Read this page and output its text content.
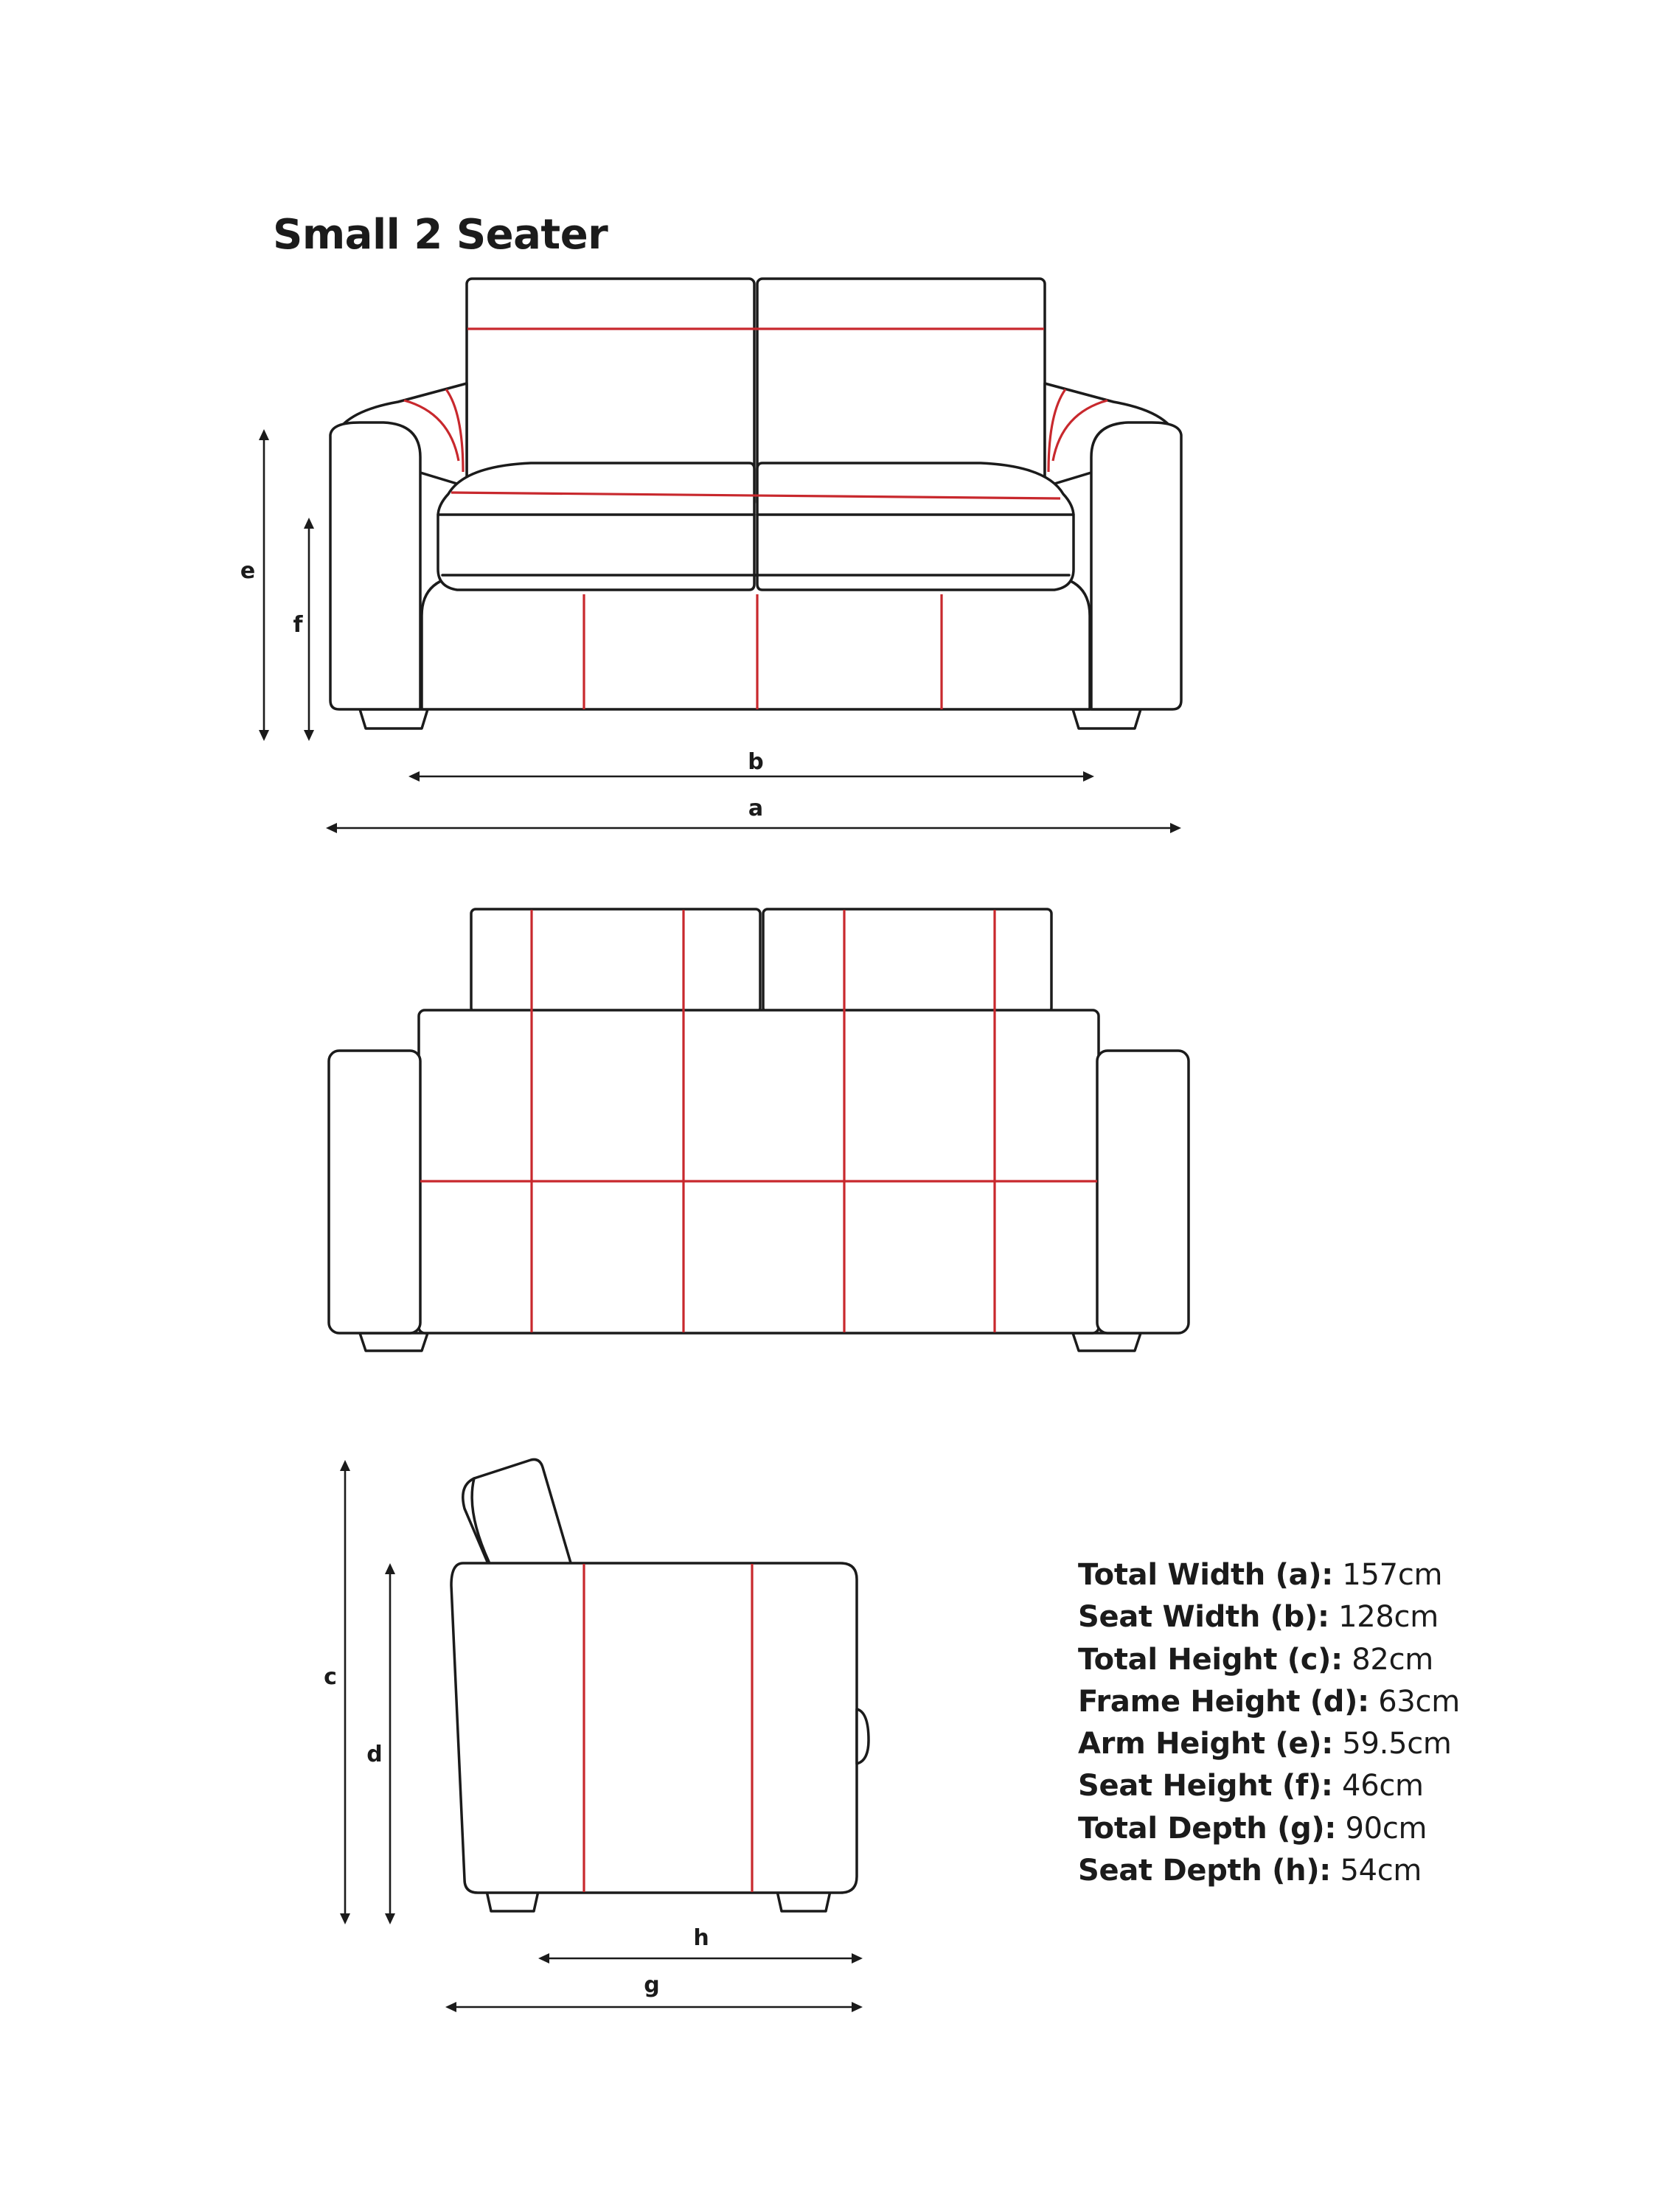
e
f
b
a
c
d
h
g
Small 2 Seater
Total Width (a): 157cm
Seat Width (b): 128cm
Total Height (c): 82cm
Frame Height (d): 63cm
Arm Height (e): 59.5cm
Seat Height (f): 46cm
Total Depth (g): 90cm
Seat Depth (h): 54cm
